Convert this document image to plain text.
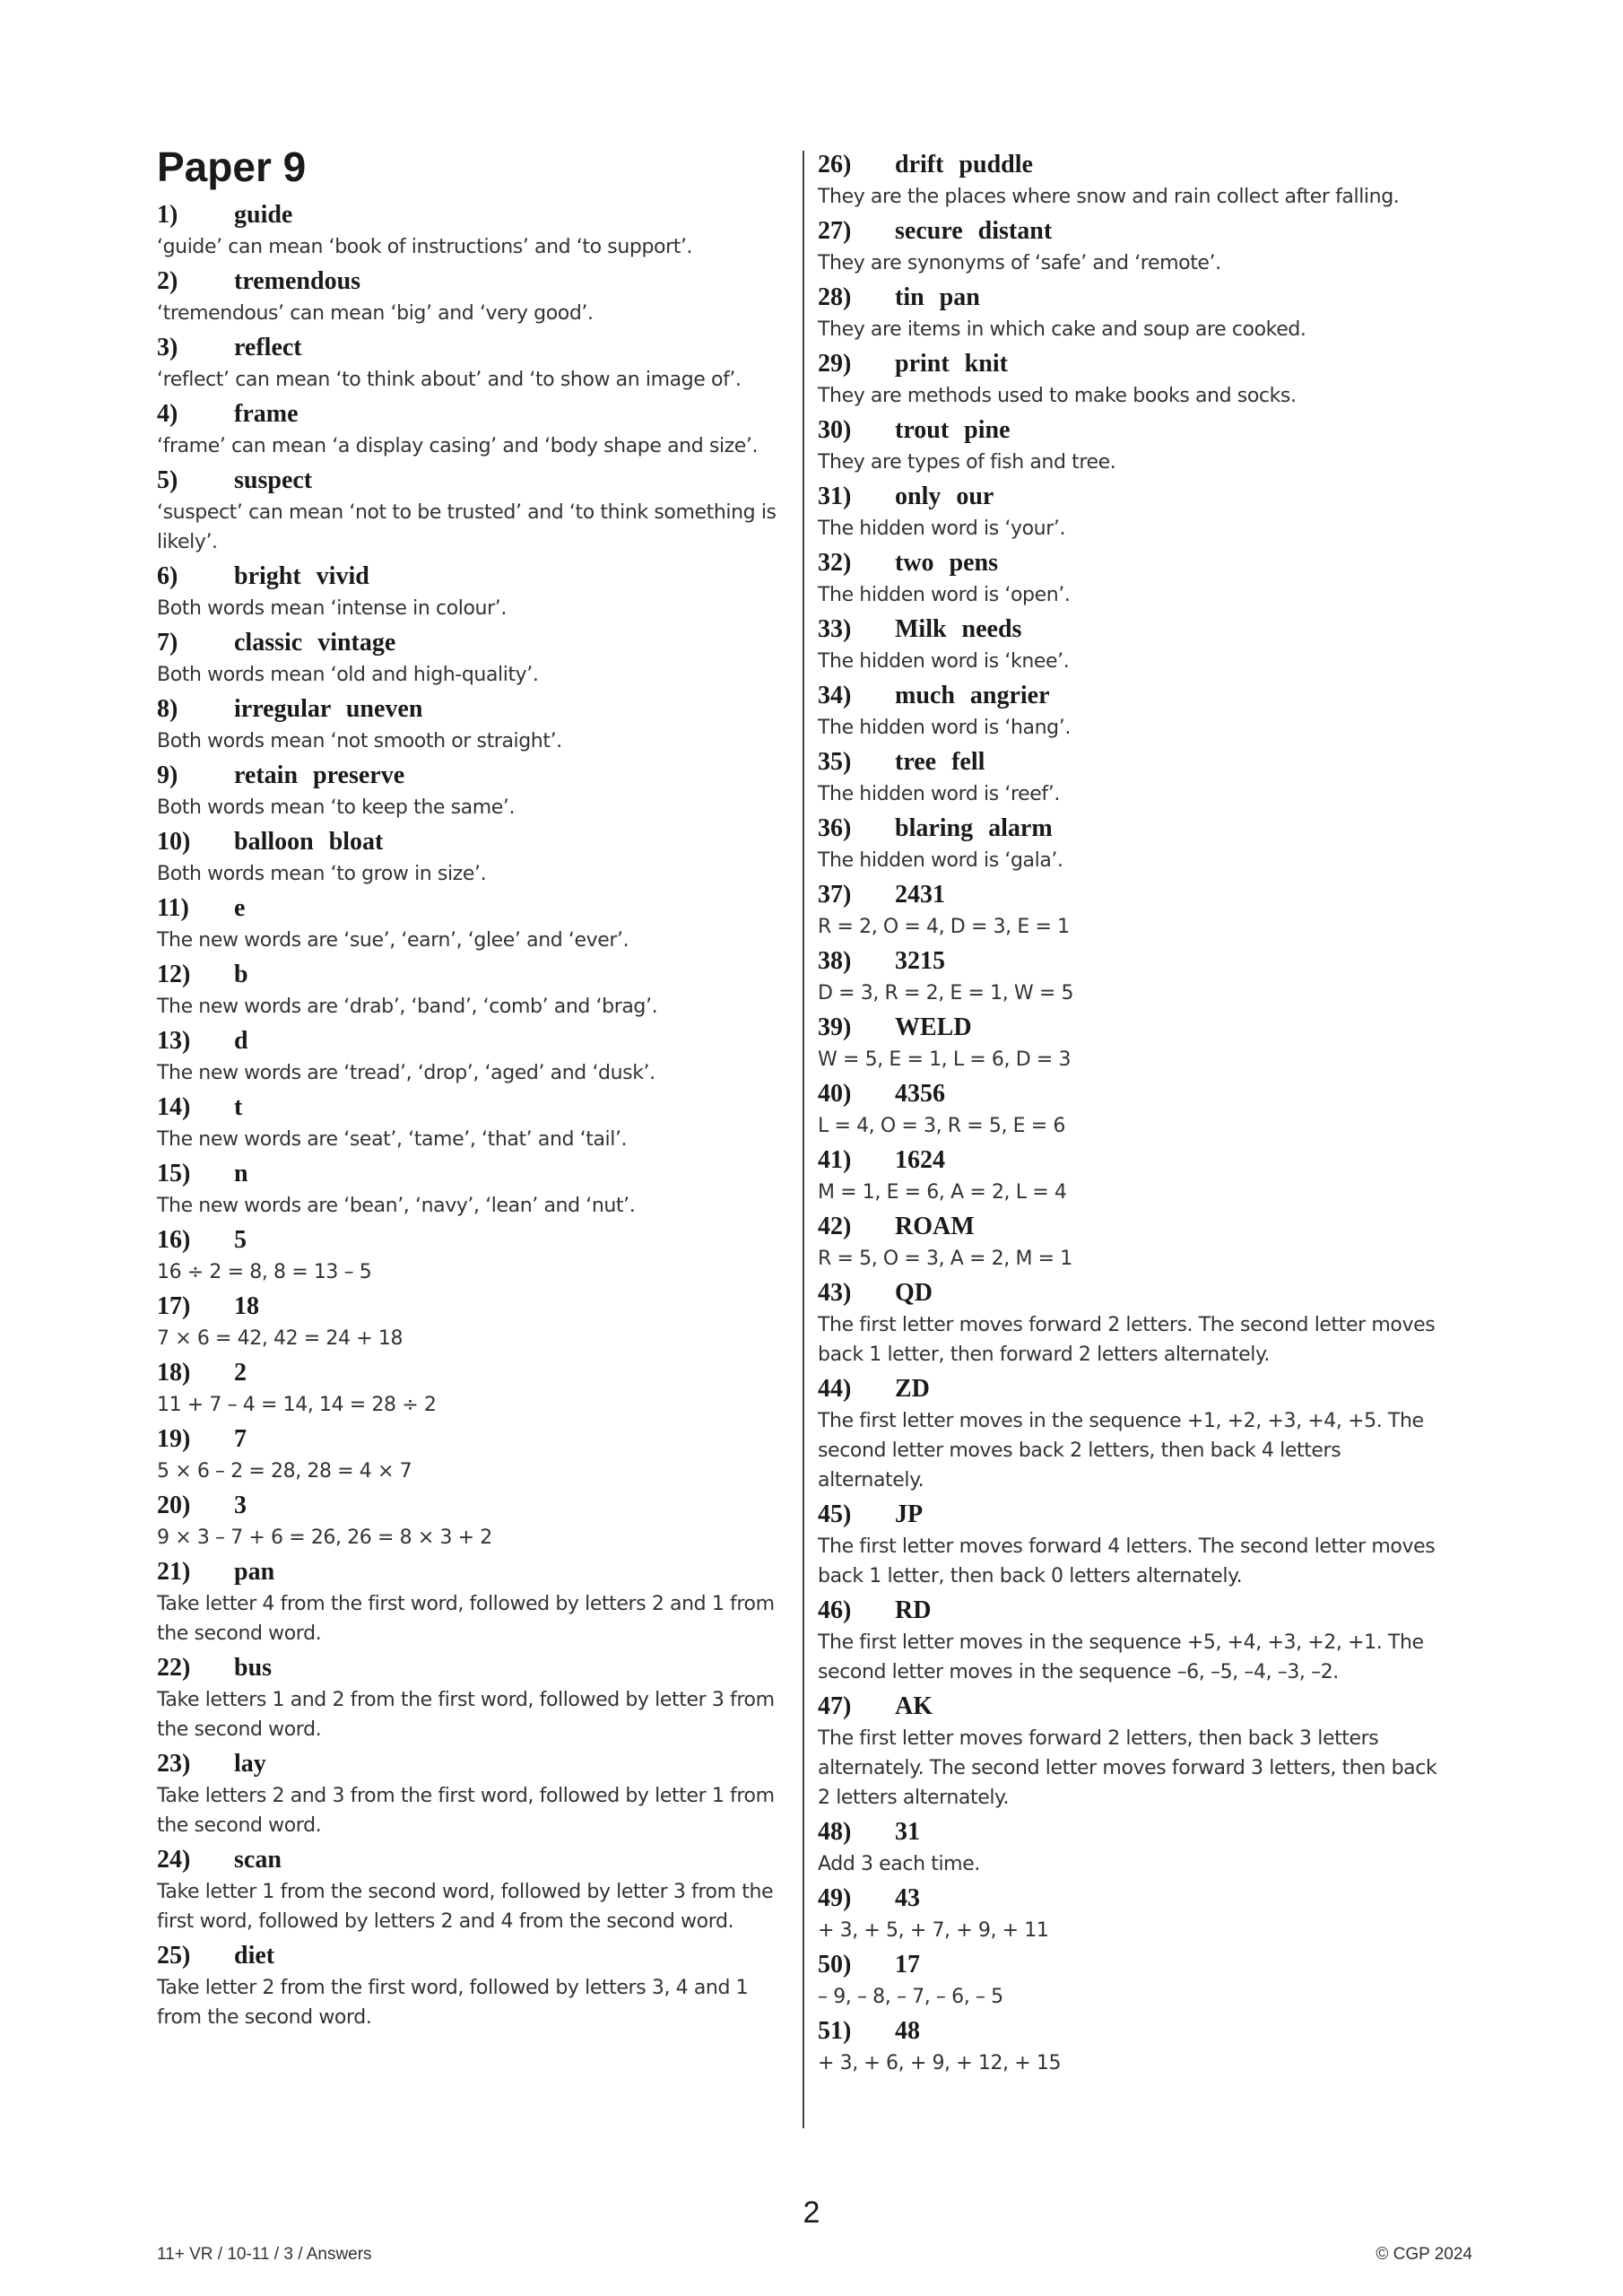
Paper 9

1) guide

‘guide’ can mean ‘book of instructions’ and ‘to support’.

2) tremendous

‘tremendous’ can mean ‘big’ and ‘very good’.

3) reflect

‘reflect’ can mean ‘to think about’ and ‘to show an image of’.

4) frame

‘frame’ can mean ‘a display casing’ and ‘body shape and size’.

5) suspect

‘suspect’ can mean ‘not to be trusted’ and ‘to think something is likely’.

6) bright vivid

Both words mean ‘intense in colour’.

7) classic vintage

Both words mean ‘old and high-quality’.

8) irregular uneven

Both words mean ‘not smooth or straight’.

9) retain preserve

Both words mean ‘to keep the same’.

10) balloon bloat

Both words mean ‘to grow in size’.

11) e

The new words are ‘sue’, ‘earn’, ‘glee’ and ‘ever’.

12) b

The new words are ‘drab’, ‘band’, ‘comb’ and ‘brag’.

13) d

The new words are ‘tread’, ‘drop’, ‘aged’ and ‘dusk’.

14) t

The new words are ‘seat’, ‘tame’, ‘that’ and ‘tail’.

15) n

The new words are ‘bean’, ‘navy’, ‘lean’ and ‘nut’.

16) 5

16 ÷ 2 = 8, 8 = 13 – 5

17) 18

7 × 6 = 42, 42 = 24 + 18

18) 2

11 + 7 – 4 = 14, 14 = 28 ÷ 2

19) 7

5 × 6 – 2 = 28, 28 = 4 × 7

20) 3

9 × 3 – 7 + 6 = 26, 26 = 8 × 3 + 2

21) pan

Take letter 4 from the first word, followed by letters 2 and 1 from the second word.

22) bus

Take letters 1 and 2 from the first word, followed by letter 3 from the second word.

23) lay

Take letters 2 and 3 from the first word, followed by letter 1 from the second word.

24) scan

Take letter 1 from the second word, followed by letter 3 from the first word, followed by letters 2 and 4 from the second word.

25) diet

Take letter 2 from the first word, followed by letters 3, 4 and 1 from the second word.

26) drift puddle

They are the places where snow and rain collect after falling.

27) secure distant

They are synonyms of ‘safe’ and ‘remote’.

28) tin pan

They are items in which cake and soup are cooked.

29) print knit

They are methods used to make books and socks.

30) trout pine

They are types of fish and tree.

31) only our

The hidden word is ‘your’.

32) two pens

The hidden word is ‘open’.

33) Milk needs

The hidden word is ‘knee’.

34) much angrier

The hidden word is ‘hang’.

35) tree fell

The hidden word is ‘reef’.

36) blaring alarm

The hidden word is ‘gala’.

37) 2431

R = 2, O = 4, D = 3, E = 1

38) 3215

D = 3, R = 2, E = 1, W = 5

39) WELD

W = 5, E = 1, L = 6, D = 3

40) 4356

L = 4, O = 3, R = 5, E = 6

41) 1624

M = 1, E = 6, A = 2, L = 4

42) ROAM

R = 5, O = 3, A = 2, M = 1

43) QD

The first letter moves forward 2 letters. The second letter moves back 1 letter, then forward 2 letters alternately.

44) ZD

The first letter moves in the sequence +1, +2, +3, +4, +5. The second letter moves back 2 letters, then back 4 letters alternately.

45) JP

The first letter moves forward 4 letters. The second letter moves back 1 letter, then back 0 letters alternately.

46) RD

The first letter moves in the sequence +5, +4, +3, +2, +1. The second letter moves in the sequence –6, –5, –4, –3, –2.

47) AK

The first letter moves forward 2 letters, then back 3 letters alternately. The second letter moves forward 3 letters, then back 2 letters alternately.

48) 31

Add 3 each time.

49) 43

+ 3, + 5, + 7, + 9, + 11

50) 17

– 9, – 8, – 7, – 6, – 5

51) 48

+ 3, + 6, + 9, + 12, + 15

2

11+ VR / 10-11 / 3 / Answers	© CGP 2024
